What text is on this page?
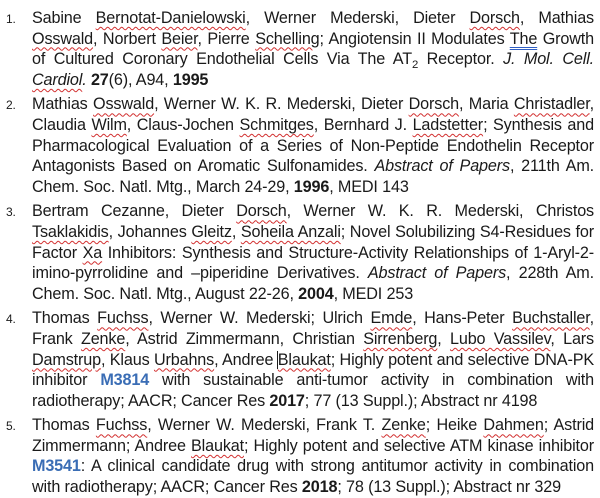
1.	Sabine Bernotat-Danielowski, Werner Mederski, Dieter Dorsch, Mathias Osswald, Norbert Beier, Pierre Schelling; Angiotensin II Modulates The Growth of Cultured Coronary Endothelial Cells Via The $AT_2$ Receptor. J. Mol. Cell. Cardiol. 27(6), A94, 1995
2.	Mathias Osswald, Werner W. K. R. Mederski, Dieter Dorsch, Maria Christadler, Claudia Wilm, Claus-Jochen Schmitges, Bernhard J. Ladstetter; Synthesis and Pharmacological Evaluation of a Series of Non-Peptide Endothelin Receptor Antagonists Based on Aromatic Sulfonamides. Abstract of Papers, 211th Am. Chem. Soc. Natl. Mtg., March 24-29, 1996, MEDI 143
3.	Bertram Cezanne, Dieter Dorsch, Werner W. K. R. Mederski, Christos Tsaklakidis, Johannes Gleitz, Soheila Anzali; Novel Solubilizing S4-Residues for Factor Xa Inhibitors: Synthesis and Structure-Activity Relationships of 1-Aryl-2-imino-pyrrolidine and –piperidine Derivatives. Abstract of Papers, 228th Am. Chem. Soc. Natl. Mtg., August 22-26, 2004, MEDI 253
4.	Thomas Fuchss, Werner W. Mederski; Ulrich Emde, Hans-Peter Buchstaller, Frank Zenke, Astrid Zimmermann, Christian Sirrenberg, Lubo Vassilev, Lars Damstrup, Klaus Urbahns, Andree Blaukat; Highly potent and selective DNA-PK inhibitor M3814 with sustainable anti-tumor activity in combination with radiotherapy; AACR; Cancer Res 2017; 77 (13 Suppl.); Abstract nr 4198
5.	Thomas Fuchss, Werner W. Mederski, Frank T. Zenke; Heike Dahmen; Astrid Zimmermann; Andree Blaukat; Highly potent and selective ATM kinase inhibitor M3541: A clinical candidate drug with strong antitumor activity in combination with radiotherapy; AACR; Cancer Res 2018; 78 (13 Suppl.); Abstract nr 329
